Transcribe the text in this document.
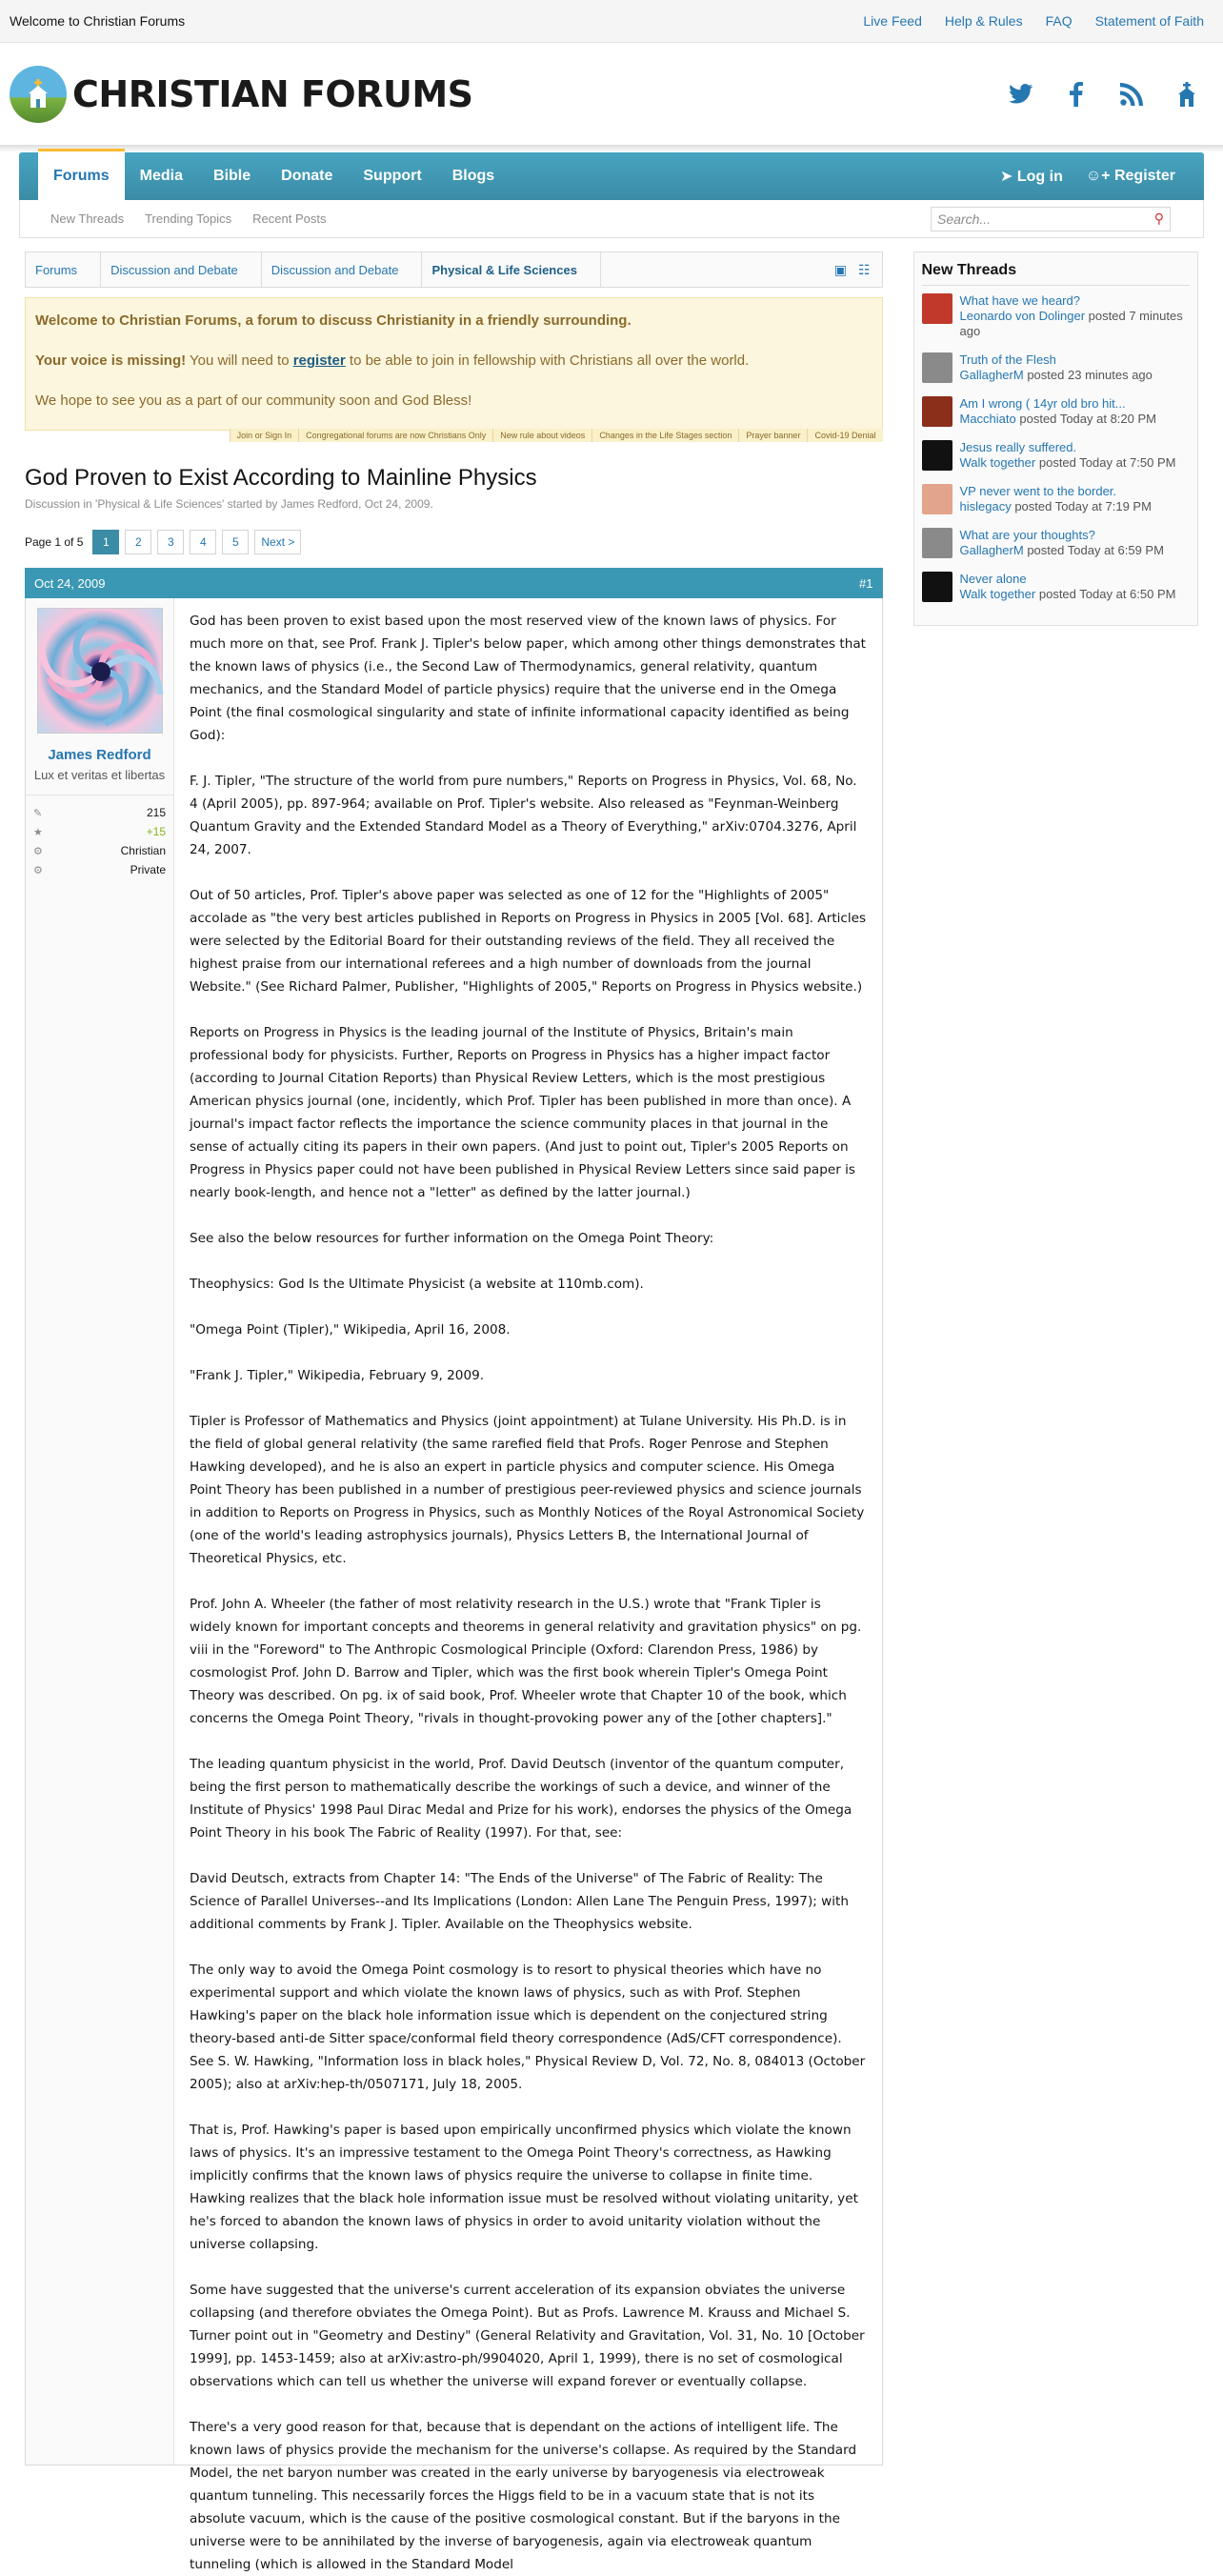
Welcome to Christian Forums	Live Feed Help & Rules FAQ Statement of Faith
CHRISTIAN FORUMS
Forums	Media	Bible	Donate	Support	Blogs	➤ Log in ☺+ Register
New Threads Trending Topics Recent Posts	Search...	⚲
Forums	Discussion and Debate	Discussion and Debate	Physical & Life Sciences	▣ ☷

Welcome to Christian Forums, a forum to discuss Christianity in a friendly surrounding.

Your voice is missing! You will need to register to be able to join in fellowship with Christians all over the world.

We hope to see you as a part of our community soon and God Bless!

Join or Sign In	Congregational forums are now Christians Only	New rule about videos	Changes in the Life Stages section	Prayer banner	Covid-19 Denial
God Proven to Exist According to Mainline Physics
Discussion in 'Physical & Life Sciences' started by James Redford, Oct 24, 2009.
Page 1 of 5	1	2	3	4	5	Next >
Oct 24, 2009	#1
James Redford
Lux et veritas et libertas
✎	215
★	+15
⚙	Christian
⚙	Private

God has been proven to exist based upon the most reserved view of the known laws of physics. For much more on that, see Prof. Frank J. Tipler's below paper, which among other things demonstrates that the known laws of physics (i.e., the Second Law of Thermodynamics, general relativity, quantum mechanics, and the Standard Model of particle physics) require that the universe end in the Omega Point (the final cosmological singularity and state of infinite informational capacity identified as being God):

F. J. Tipler, "The structure of the world from pure numbers," Reports on Progress in Physics, Vol. 68, No. 4 (April 2005), pp. 897-964; available on Prof. Tipler's website. Also released as "Feynman-Weinberg Quantum Gravity and the Extended Standard Model as a Theory of Everything," arXiv:0704.3276, April 24, 2007.

Out of 50 articles, Prof. Tipler's above paper was selected as one of 12 for the "Highlights of 2005" accolade as "the very best articles published in Reports on Progress in Physics in 2005 [Vol. 68]. Articles were selected by the Editorial Board for their outstanding reviews of the field. They all received the highest praise from our international referees and a high number of downloads from the journal Website." (See Richard Palmer, Publisher, "Highlights of 2005," Reports on Progress in Physics website.)

Reports on Progress in Physics is the leading journal of the Institute of Physics, Britain's main professional body for physicists. Further, Reports on Progress in Physics has a higher impact factor (according to Journal Citation Reports) than Physical Review Letters, which is the most prestigious American physics journal (one, incidently, which Prof. Tipler has been published in more than once). A journal's impact factor reflects the importance the science community places in that journal in the sense of actually citing its papers in their own papers. (And just to point out, Tipler's 2005 Reports on Progress in Physics paper could not have been published in Physical Review Letters since said paper is nearly book-length, and hence not a "letter" as defined by the latter journal.)

See also the below resources for further information on the Omega Point Theory:

Theophysics: God Is the Ultimate Physicist (a website at 110mb.com).

"Omega Point (Tipler)," Wikipedia, April 16, 2008.

"Frank J. Tipler," Wikipedia, February 9, 2009.

Tipler is Professor of Mathematics and Physics (joint appointment) at Tulane University. His Ph.D. is in the field of global general relativity (the same rarefied field that Profs. Roger Penrose and Stephen Hawking developed), and he is also an expert in particle physics and computer science. His Omega Point Theory has been published in a number of prestigious peer-reviewed physics and science journals in addition to Reports on Progress in Physics, such as Monthly Notices of the Royal Astronomical Society (one of the world's leading astrophysics journals), Physics Letters B, the International Journal of Theoretical Physics, etc.

Prof. John A. Wheeler (the father of most relativity research in the U.S.) wrote that "Frank Tipler is widely known for important concepts and theorems in general relativity and gravitation physics" on pg. viii in the "Foreword" to The Anthropic Cosmological Principle (Oxford: Clarendon Press, 1986) by cosmologist Prof. John D. Barrow and Tipler, which was the first book wherein Tipler's Omega Point Theory was described. On pg. ix of said book, Prof. Wheeler wrote that Chapter 10 of the book, which concerns the Omega Point Theory, "rivals in thought-provoking power any of the [other chapters]."

The leading quantum physicist in the world, Prof. David Deutsch (inventor of the quantum computer, being the first person to mathematically describe the workings of such a device, and winner of the Institute of Physics' 1998 Paul Dirac Medal and Prize for his work), endorses the physics of the Omega Point Theory in his book The Fabric of Reality (1997). For that, see:

David Deutsch, extracts from Chapter 14: "The Ends of the Universe" of The Fabric of Reality: The Science of Parallel Universes--and Its Implications (London: Allen Lane The Penguin Press, 1997); with additional comments by Frank J. Tipler. Available on the Theophysics website.

The only way to avoid the Omega Point cosmology is to resort to physical theories which have no experimental support and which violate the known laws of physics, such as with Prof. Stephen Hawking's paper on the black hole information issue which is dependent on the conjectured string theory-based anti-de Sitter space/conformal field theory correspondence (AdS/CFT correspondence). See S. W. Hawking, "Information loss in black holes," Physical Review D, Vol. 72, No. 8, 084013 (October 2005); also at arXiv:hep-th/0507171, July 18, 2005.

That is, Prof. Hawking's paper is based upon empirically unconfirmed physics which violate the known laws of physics. It's an impressive testament to the Omega Point Theory's correctness, as Hawking implicitly confirms that the known laws of physics require the universe to collapse in finite time. Hawking realizes that the black hole information issue must be resolved without violating unitarity, yet he's forced to abandon the known laws of physics in order to avoid unitarity violation without the universe collapsing.

Some have suggested that the universe's current acceleration of its expansion obviates the universe collapsing (and therefore obviates the Omega Point). But as Profs. Lawrence M. Krauss and Michael S. Turner point out in "Geometry and Destiny" (General Relativity and Gravitation, Vol. 31, No. 10 [October 1999], pp. 1453-1459; also at arXiv:astro-ph/9904020, April 1, 1999), there is no set of cosmological observations which can tell us whether the universe will expand forever or eventually collapse.

There's a very good reason for that, because that is dependant on the actions of intelligent life. The known laws of physics provide the mechanism for the universe's collapse. As required by the Standard Model, the net baryon number was created in the early universe by baryogenesis via electroweak quantum tunneling. This necessarily forces the Higgs field to be in a vacuum state that is not its absolute vacuum, which is the cause of the positive cosmological constant. But if the baryons in the universe were to be annihilated by the inverse of baryogenesis, again via electroweak quantum tunneling (which is allowed in the Standard Model

New Threads
What have we heard?
Leonardo von Dolinger posted 7 minutes ago
Truth of the Flesh
GallagherM posted 23 minutes ago
Am I wrong ( 14yr old bro hit...
Macchiato posted Today at 8:20 PM
Jesus really suffered.
Walk together posted Today at 7:50 PM
VP never went to the border.
hislegacy posted Today at 7:19 PM
What are your thoughts?
GallagherM posted Today at 6:59 PM
Never alone
Walk together posted Today at 6:50 PM
